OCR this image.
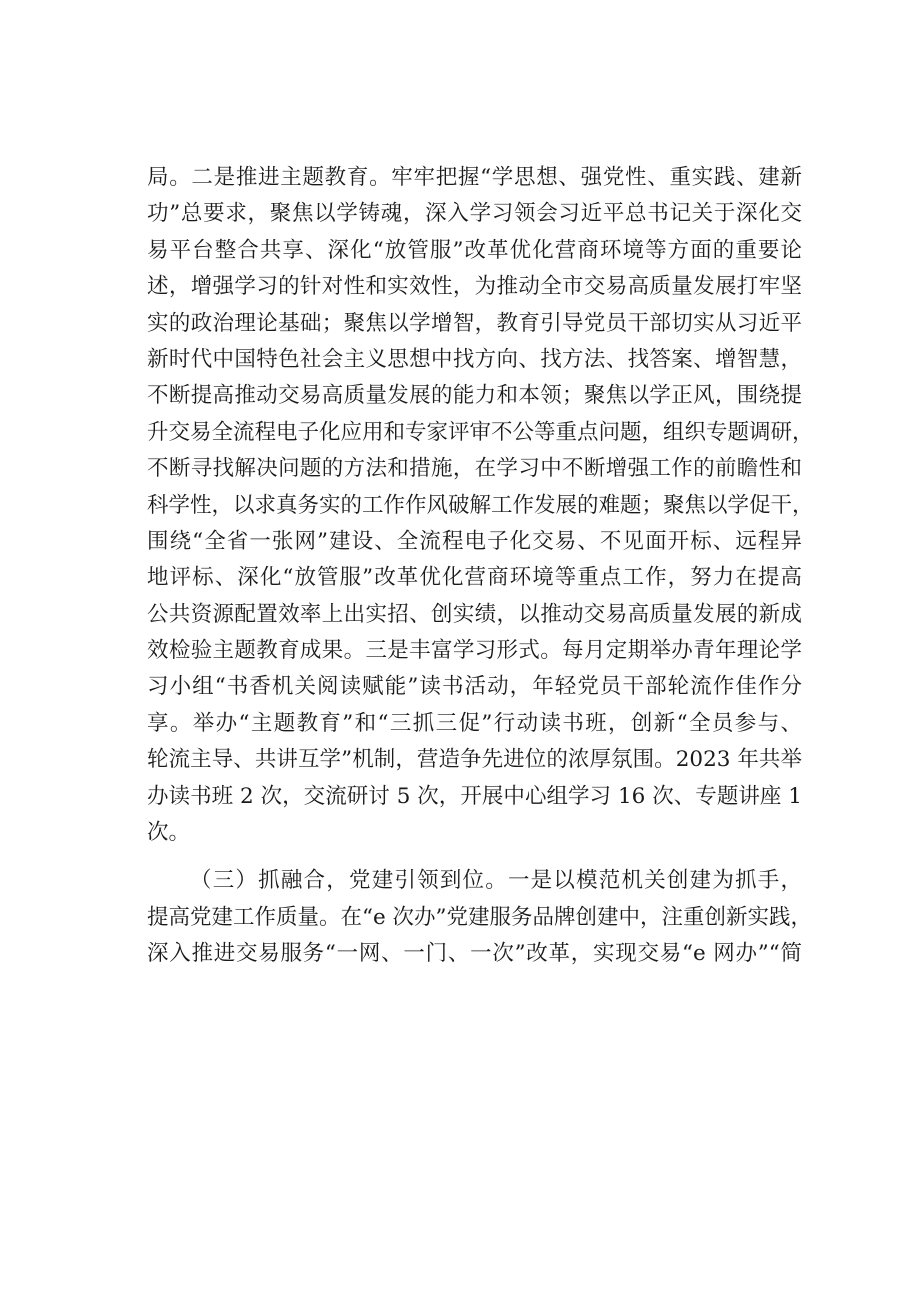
局。二是推进主题教育。牢牢把握“学思想、强党性、重实践、建新
功”总要求，聚焦以学铸魂，深入学习领会习近平总书记关于深化交
易平台整合共享、深化“放管服”改革优化营商环境等方面的重要论
述，增强学习的针对性和实效性，为推动全市交易高质量发展打牢坚
实的政治理论基础；聚焦以学增智，教育引导党员干部切实从习近平
新时代中国特色社会主义思想中找方向、找方法、找答案、增智慧，
不断提高推动交易高质量发展的能力和本领；聚焦以学正风，围绕提
升交易全流程电子化应用和专家评审不公等重点问题，组织专题调研，
不断寻找解决问题的方法和措施，在学习中不断增强工作的前瞻性和
科学性，以求真务实的工作作风破解工作发展的难题；聚焦以学促干，
围绕“全省一张网”建设、全流程电子化交易、不见面开标、远程异
地评标、深化“放管服”改革优化营商环境等重点工作，努力在提高
公共资源配置效率上出实招、创实绩，以推动交易高质量发展的新成
效检验主题教育成果。三是丰富学习形式。每月定期举办青年理论学
习小组“书香机关阅读赋能”读书活动，年轻党员干部轮流作佳作分
享。举办“主题教育”和“三抓三促”行动读书班，创新“全员参与、
轮流主导、共讲互学”机制，营造争先进位的浓厚氛围。2023 年共举
办读书班 2 次，交流研讨 5 次，开展中心组学习 16 次、专题讲座 1
次。
（三）抓融合，党建引领到位。一是以模范机关创建为抓手，
提高党建工作质量。在“e 次办”党建服务品牌创建中，注重创新实践，
深入推进交易服务“一网、一门、一次”改革，实现交易“e 网办”“简
